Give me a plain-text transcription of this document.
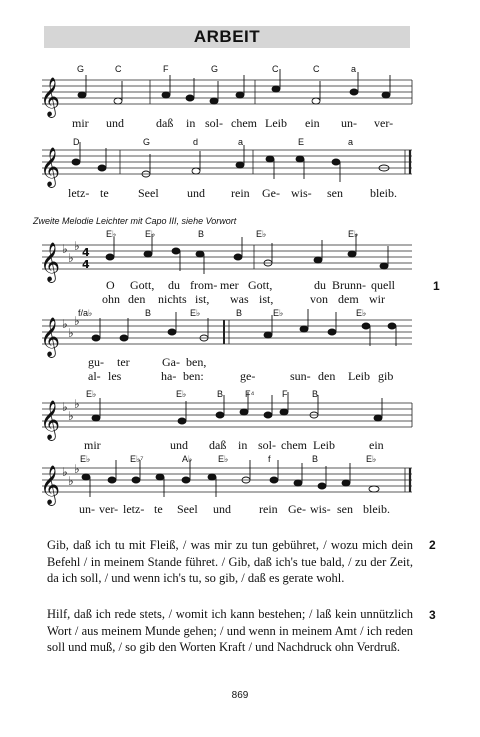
ARBEIT
𝄞
𝄞
𝄞
𝄞
𝄞
𝄞
♭
♭
♭
♭
♭
♭
♭
♭
♭
♭
♭
♭
4
4
G	C	F	G	C	C	a
mir und	daß in sol- chem Leib ein un- ver-
D	G	d	a	E	a
letz- te Seel und rein Ge- wis- sen bleib.
Zweite Melodie Leichter mit Capo III, siehe Vorwort
E♭	E♭	B	E♭	E♭
O Gott, du from- mer Gott,	du Brunn- quell
ohn den nichts ist, was ist,	von dem wir
1
f/a♭	B	E♭	B	E♭	E♭
gu- ter	Ga- ben,
al- les	ha- ben:	ge-	sun- den Leib gib
E♭	E♭	B F⁴	F	B
mir	und daß in sol- chem Leib	ein
E♭	E♭⁷	A♭	E♭	f	B	E♭
un- ver- letz- te Seel und rein Ge- wis- sen bleib.
Gib, daß ich tu mit Fleiß, / was mir zu tun gebühret, / wozu mich dein Befehl / in meinem Stande führet. / Gib, daß ich's tue bald, / zu der Zeit, da ich soll, / und wenn ich's tu, so gib, / daß es gerate wohl.
2
Hilf, daß ich rede stets, / womit ich kann bestehen; / laß kein unnützlich Wort / aus meinem Munde gehen; / und wenn in meinem Amt / ich reden soll und muß, / so gib den Worten Kraft / und Nachdruck ohn Verdruß.
3
869
